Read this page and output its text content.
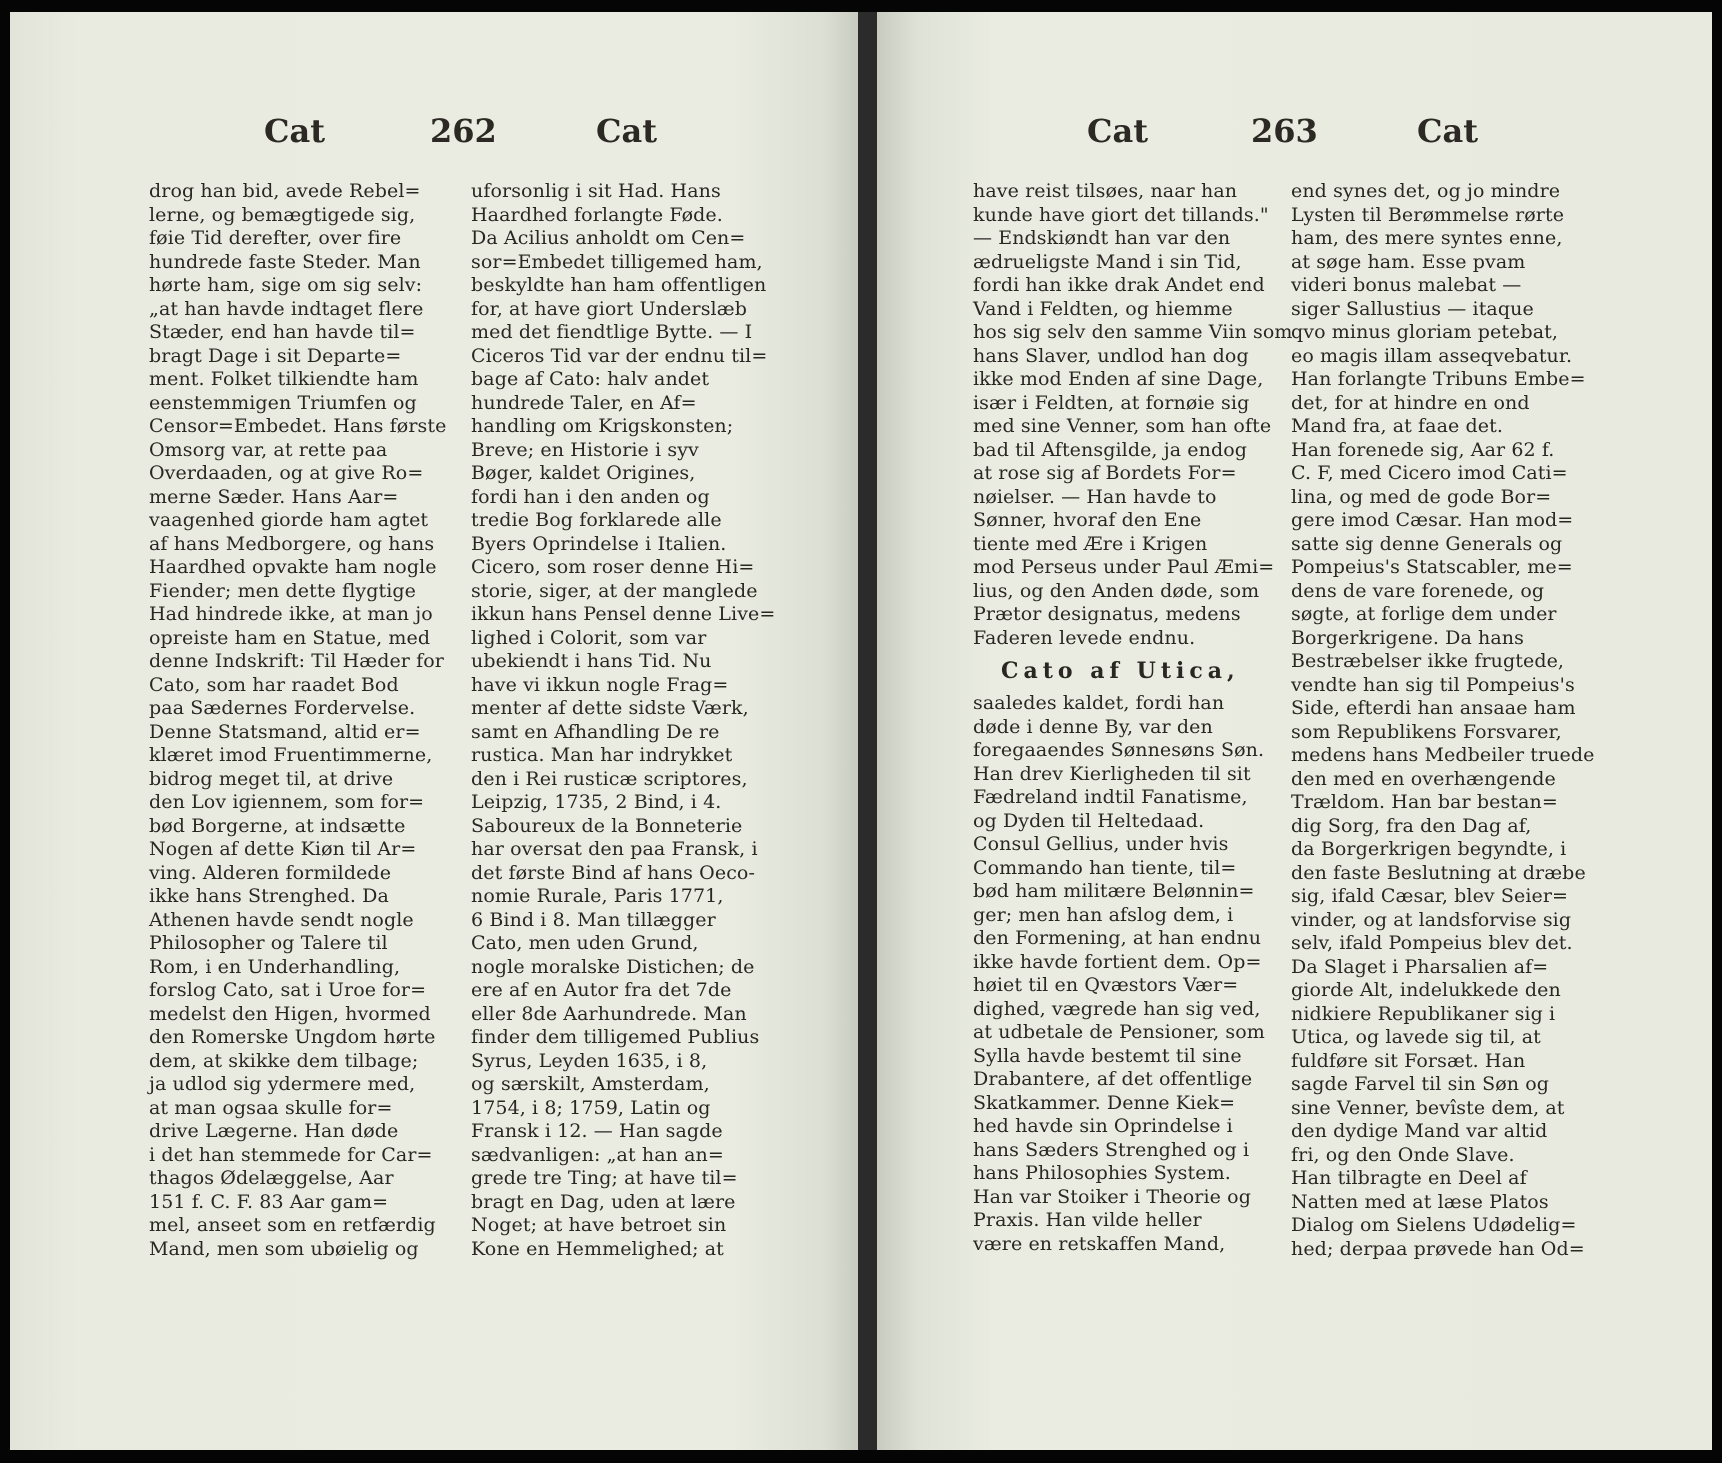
Cat	262	Cat
drog han bid, avede Rebel=
lerne, og bemægtigede sig,
føie Tid derefter, over fire
hundrede faste Steder. Man
hørte ham, sige om sig selv:
„at han havde indtaget flere
Stæder, end han havde til=
bragt Dage i sit Departe=
ment. Folket tilkiendte ham
eenstemmigen Triumfen og
Censor=Embedet. Hans første
Omsorg var, at rette paa
Overdaaden, og at give Ro=
merne Sæder. Hans Aar=
vaagenhed giorde ham agtet
af hans Medborgere, og hans
Haardhed opvakte ham nogle
Fiender; men dette flygtige
Had hindrede ikke, at man jo
opreiste ham en Statue, med
denne Indskrift: Til Hæder for
Cato, som har raadet Bod
paa Sædernes Fordervelse.
Denne Statsmand, altid er=
klæret imod Fruentimmerne,
bidrog meget til, at drive
den Lov igiennem, som for=
bød Borgerne, at indsætte
Nogen af dette Kiøn til Ar=
ving. Alderen formildede
ikke hans Strenghed. Da
Athenen havde sendt nogle
Philosopher og Talere til
Rom, i en Underhandling,
forslog Cato, sat i Uroe for=
medelst den Higen, hvormed
den Romerske Ungdom hørte
dem, at skikke dem tilbage;
ja udlod sig ydermere med,
at man ogsaa skulle for=
drive Lægerne. Han døde
i det han stemmede for Car=
thagos Ødelæggelse, Aar
151 f. C. F. 83 Aar gam=
mel, anseet som en retfærdig
Mand, men som ubøielig og
uforsonlig i sit Had. Hans
Haardhed forlangte Føde.
Da Acilius anholdt om Cen=
sor=Embedet tilligemed ham,
beskyldte han ham offentligen
for, at have giort Underslæb
med det fiendtlige Bytte. — I
Ciceros Tid var der endnu til=
bage af Cato: halv andet
hundrede Taler, en Af=
handling om Krigskonsten;
Breve; en Historie i syv
Bøger, kaldet Origines,
fordi han i den anden og
tredie Bog forklarede alle
Byers Oprindelse i Italien.
Cicero, som roser denne Hi=
storie, siger, at der manglede
ikkun hans Pensel denne Live=
lighed i Colorit, som var
ubekiendt i hans Tid. Nu
have vi ikkun nogle Frag=
menter af dette sidste Værk,
samt en Afhandling De re
rustica. Man har indrykket
den i Rei rusticæ scriptores,
Leipzig, 1735, 2 Bind, i 4.
Saboureux de la Bonneterie
har oversat den paa Fransk, i
det første Bind af hans Oeco-
nomie Rurale, Paris 1771,
6 Bind i 8. Man tillægger
Cato, men uden Grund,
nogle moralske Distichen; de
ere af en Autor fra det 7de
eller 8de Aarhundrede. Man
finder dem tilligemed Publius
Syrus, Leyden 1635, i 8,
og særskilt, Amsterdam,
1754, i 8; 1759, Latin og
Fransk i 12. — Han sagde
sædvanligen: „at han an=
grede tre Ting; at have til=
bragt en Dag, uden at lære
Noget; at have betroet sin
Kone en Hemmelighed; at
Cat	263	Cat
have reist tilsøes, naar han
kunde have giort det tillands."
— Endskiøndt han var den
ædrueligste Mand i sin Tid,
fordi han ikke drak Andet end
Vand i Feldten, og hiemme
hos sig selv den samme Viin som
hans Slaver, undlod han dog
ikke mod Enden af sine Dage,
især i Feldten, at fornøie sig
med sine Venner, som han ofte
bad til Aftensgilde, ja endog
at rose sig af Bordets For=
nøielser. — Han havde to
Sønner, hvoraf den Ene
tiente med Ære i Krigen
mod Perseus under Paul Æmi=
lius, og den Anden døde, som
Prætor designatus, medens
Faderen levede endnu.
Cato af Utica,
saaledes kaldet, fordi han
døde i denne By, var den
foregaaendes Sønnesøns Søn.
Han drev Kierligheden til sit
Fædreland indtil Fanatisme,
og Dyden til Heltedaad.
Consul Gellius, under hvis
Commando han tiente, til=
bød ham militære Belønnin=
ger; men han afslog dem, i
den Formening, at han endnu
ikke havde fortient dem. Op=
høiet til en Qvæstors Vær=
dighed, vægrede han sig ved,
at udbetale de Pensioner, som
Sylla havde bestemt til sine
Drabantere, af det offentlige
Skatkammer. Denne Kiek=
hed havde sin Oprindelse i
hans Sæders Strenghed og i
hans Philosophies System.
Han var Stoiker i Theorie og
Praxis. Han vilde heller
være en retskaffen Mand,
end synes det, og jo mindre
Lysten til Berømmelse rørte
ham, des mere syntes enne,
at søge ham. Esse pvam
videri bonus malebat —
siger Sallustius — itaque
qvo minus gloriam petebat,
eo magis illam asseqvebatur.
Han forlangte Tribuns Embe=
det, for at hindre en ond
Mand fra, at faae det.
Han forenede sig, Aar 62 f.
C. F, med Cicero imod Cati=
lina, og med de gode Bor=
gere imod Cæsar. Han mod=
satte sig denne Generals og
Pompeius's Statscabler, me=
dens de vare forenede, og
søgte, at forlige dem under
Borgerkrigene. Da hans
Bestræbelser ikke frugtede,
vendte han sig til Pompeius's
Side, efterdi han ansaae ham
som Republikens Forsvarer,
medens hans Medbeiler truede
den med en overhængende
Trældom. Han bar bestan=
dig Sorg, fra den Dag af,
da Borgerkrigen begyndte, i
den faste Beslutning at dræbe
sig, ifald Cæsar, blev Seier=
vinder, og at landsforvise sig
selv, ifald Pompeius blev det.
Da Slaget i Pharsalien af=
giorde Alt, indelukkede den
nidkiere Republikaner sig i
Utica, og lavede sig til, at
fuldføre sit Forsæt. Han
sagde Farvel til sin Søn og
sine Venner, bevîste dem, at
den dydige Mand var altid
fri, og den Onde Slave.
Han tilbragte en Deel af
Natten med at læse Platos
Dialog om Sielens Udødelig=
hed; derpaa prøvede han Od=
